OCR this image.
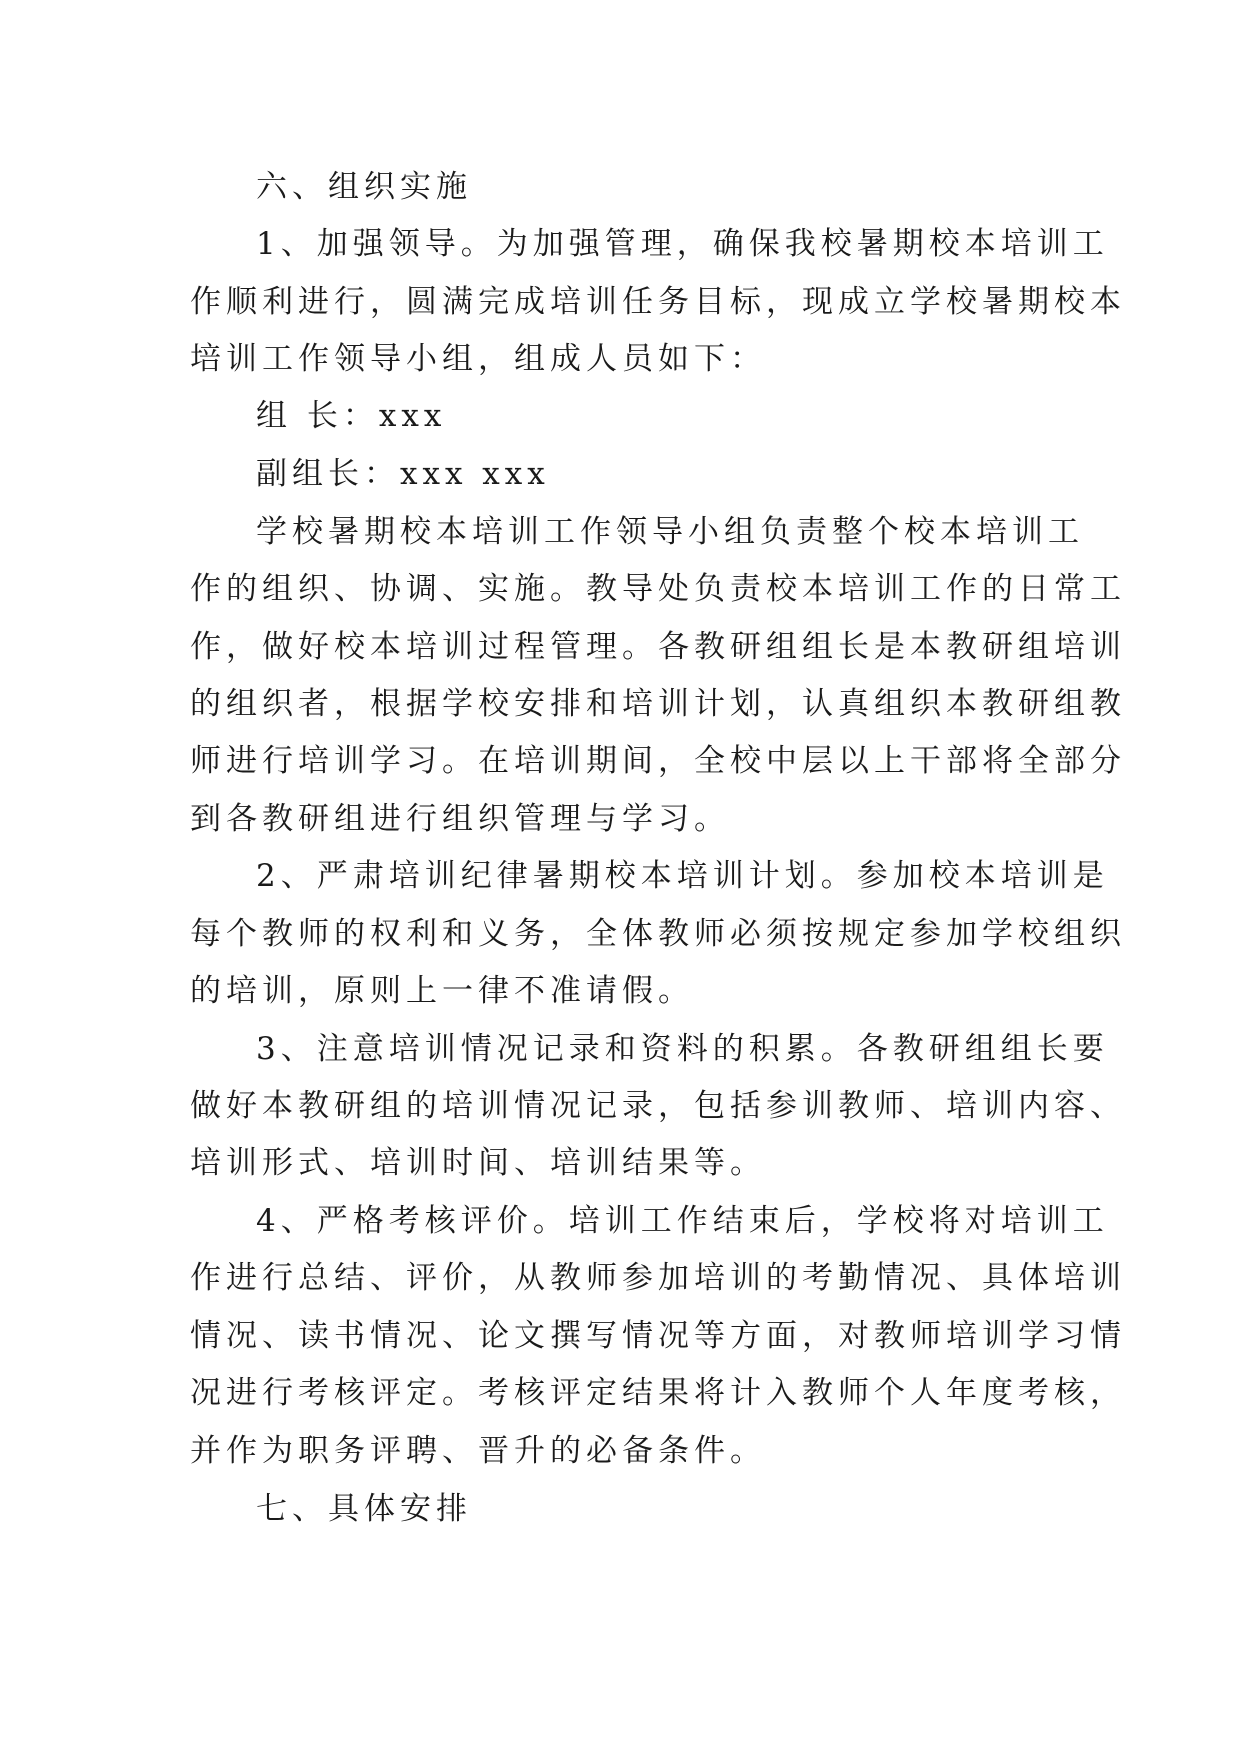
六、组织实施
1、加强领导。为加强管理，确保我校暑期校本培训工
作顺利进行，圆满完成培训任务目标，现成立学校暑期校本
培训工作领导小组，组成人员如下：
组 长：xxx
副组长：xxx xxx
学校暑期校本培训工作领导小组负责整个校本培训工
作的组织、协调、实施。教导处负责校本培训工作的日常工
作，做好校本培训过程管理。各教研组组长是本教研组培训
的组织者，根据学校安排和培训计划，认真组织本教研组教
师进行培训学习。在培训期间，全校中层以上干部将全部分
到各教研组进行组织管理与学习。
2、严肃培训纪律暑期校本培训计划。参加校本培训是
每个教师的权利和义务，全体教师必须按规定参加学校组织
的培训，原则上一律不准请假。
3、注意培训情况记录和资料的积累。各教研组组长要
做好本教研组的培训情况记录，包括参训教师、培训内容、
培训形式、培训时间、培训结果等。
4、严格考核评价。培训工作结束后，学校将对培训工
作进行总结、评价，从教师参加培训的考勤情况、具体培训
情况、读书情况、论文撰写情况等方面，对教师培训学习情
况进行考核评定。考核评定结果将计入教师个人年度考核，
并作为职务评聘、晋升的必备条件。
七、具体安排
